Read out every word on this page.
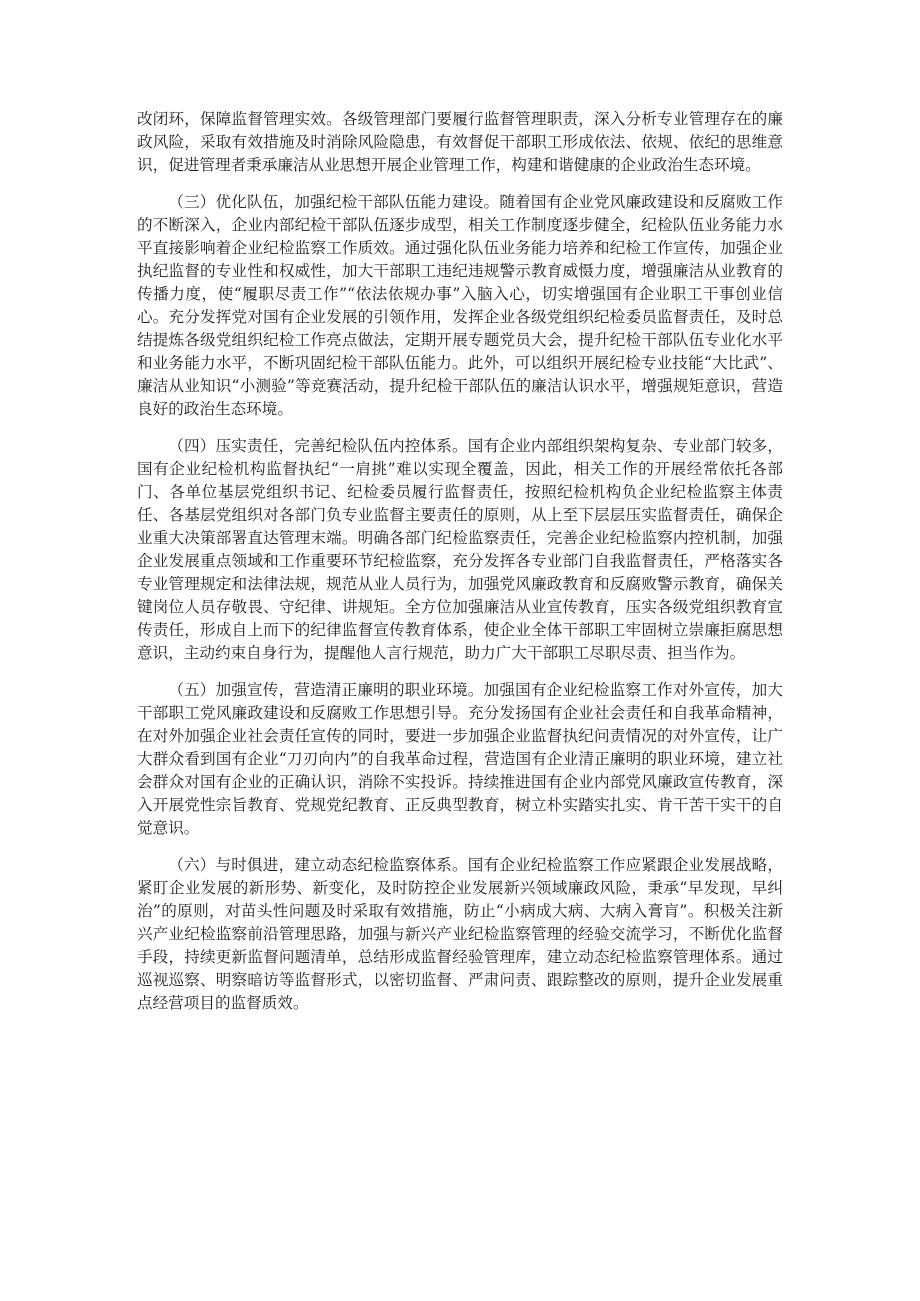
改闭环，保障监督管理实效。各级管理部门要履行监督管理职责，深入分析专业管理存在的廉政风险，采取有效措施及时消除风险隐患，有效督促干部职工形成依法、依规、依纪的思维意识，促进管理者秉承廉洁从业思想开展企业管理工作，构建和谐健康的企业政治生态环境。

（三）优化队伍，加强纪检干部队伍能力建设。随着国有企业党风廉政建设和反腐败工作的不断深入，企业内部纪检干部队伍逐步成型，相关工作制度逐步健全，纪检队伍业务能力水平直接影响着企业纪检监察工作质效。通过强化队伍业务能力培养和纪检工作宣传，加强企业执纪监督的专业性和权威性，加大干部职工违纪违规警示教育威慑力度，增强廉洁从业教育的传播力度，使“履职尽责工作”“依法依规办事”入脑入心，切实增强国有企业职工干事创业信心。充分发挥党对国有企业发展的引领作用，发挥企业各级党组织纪检委员监督责任，及时总结提炼各级党组织纪检工作亮点做法，定期开展专题党员大会，提升纪检干部队伍专业化水平和业务能力水平，不断巩固纪检干部队伍能力。此外，可以组织开展纪检专业技能“大比武”、廉洁从业知识“小测验”等竞赛活动，提升纪检干部队伍的廉洁认识水平，增强规矩意识，营造良好的政治生态环境。

（四）压实责任，完善纪检队伍内控体系。国有企业内部组织架构复杂、专业部门较多，国有企业纪检机构监督执纪“一肩挑”难以实现全覆盖，因此，相关工作的开展经常依托各部门、各单位基层党组织书记、纪检委员履行监督责任，按照纪检机构负企业纪检监察主体责任、各基层党组织对各部门负专业监督主要责任的原则，从上至下层层压实监督责任，确保企业重大决策部署直达管理末端。明确各部门纪检监察责任，完善企业纪检监察内控机制，加强企业发展重点领域和工作重要环节纪检监察，充分发挥各专业部门自我监督责任，严格落实各专业管理规定和法律法规，规范从业人员行为，加强党风廉政教育和反腐败警示教育，确保关键岗位人员存敬畏、守纪律、讲规矩。全方位加强廉洁从业宣传教育，压实各级党组织教育宣传责任，形成自上而下的纪律监督宣传教育体系，使企业全体干部职工牢固树立崇廉拒腐思想意识，主动约束自身行为，提醒他人言行规范，助力广大干部职工尽职尽责、担当作为。

（五）加强宣传，营造清正廉明的职业环境。加强国有企业纪检监察工作对外宣传，加大干部职工党风廉政建设和反腐败工作思想引导。充分发扬国有企业社会责任和自我革命精神，在对外加强企业社会责任宣传的同时，要进一步加强企业监督执纪问责情况的对外宣传，让广大群众看到国有企业“刀刃向内”的自我革命过程，营造国有企业清正廉明的职业环境，建立社会群众对国有企业的正确认识，消除不实投诉。持续推进国有企业内部党风廉政宣传教育，深入开展党性宗旨教育、党规党纪教育、正反典型教育，树立朴实踏实扎实、肯干苦干实干的自觉意识。

（六）与时俱进，建立动态纪检监察体系。国有企业纪检监察工作应紧跟企业发展战略，紧盯企业发展的新形势、新变化，及时防控企业发展新兴领域廉政风险，秉承“早发现，早纠治”的原则，对苗头性问题及时采取有效措施，防止“小病成大病、大病入膏肓”。积极关注新兴产业纪检监察前沿管理思路，加强与新兴产业纪检监察管理的经验交流学习，不断优化监督手段，持续更新监督问题清单，总结形成监督经验管理库，建立动态纪检监察管理体系。通过巡视巡察、明察暗访等监督形式，以密切监督、严肃问责、跟踪整改的原则，提升企业发展重点经营项目的监督质效。
